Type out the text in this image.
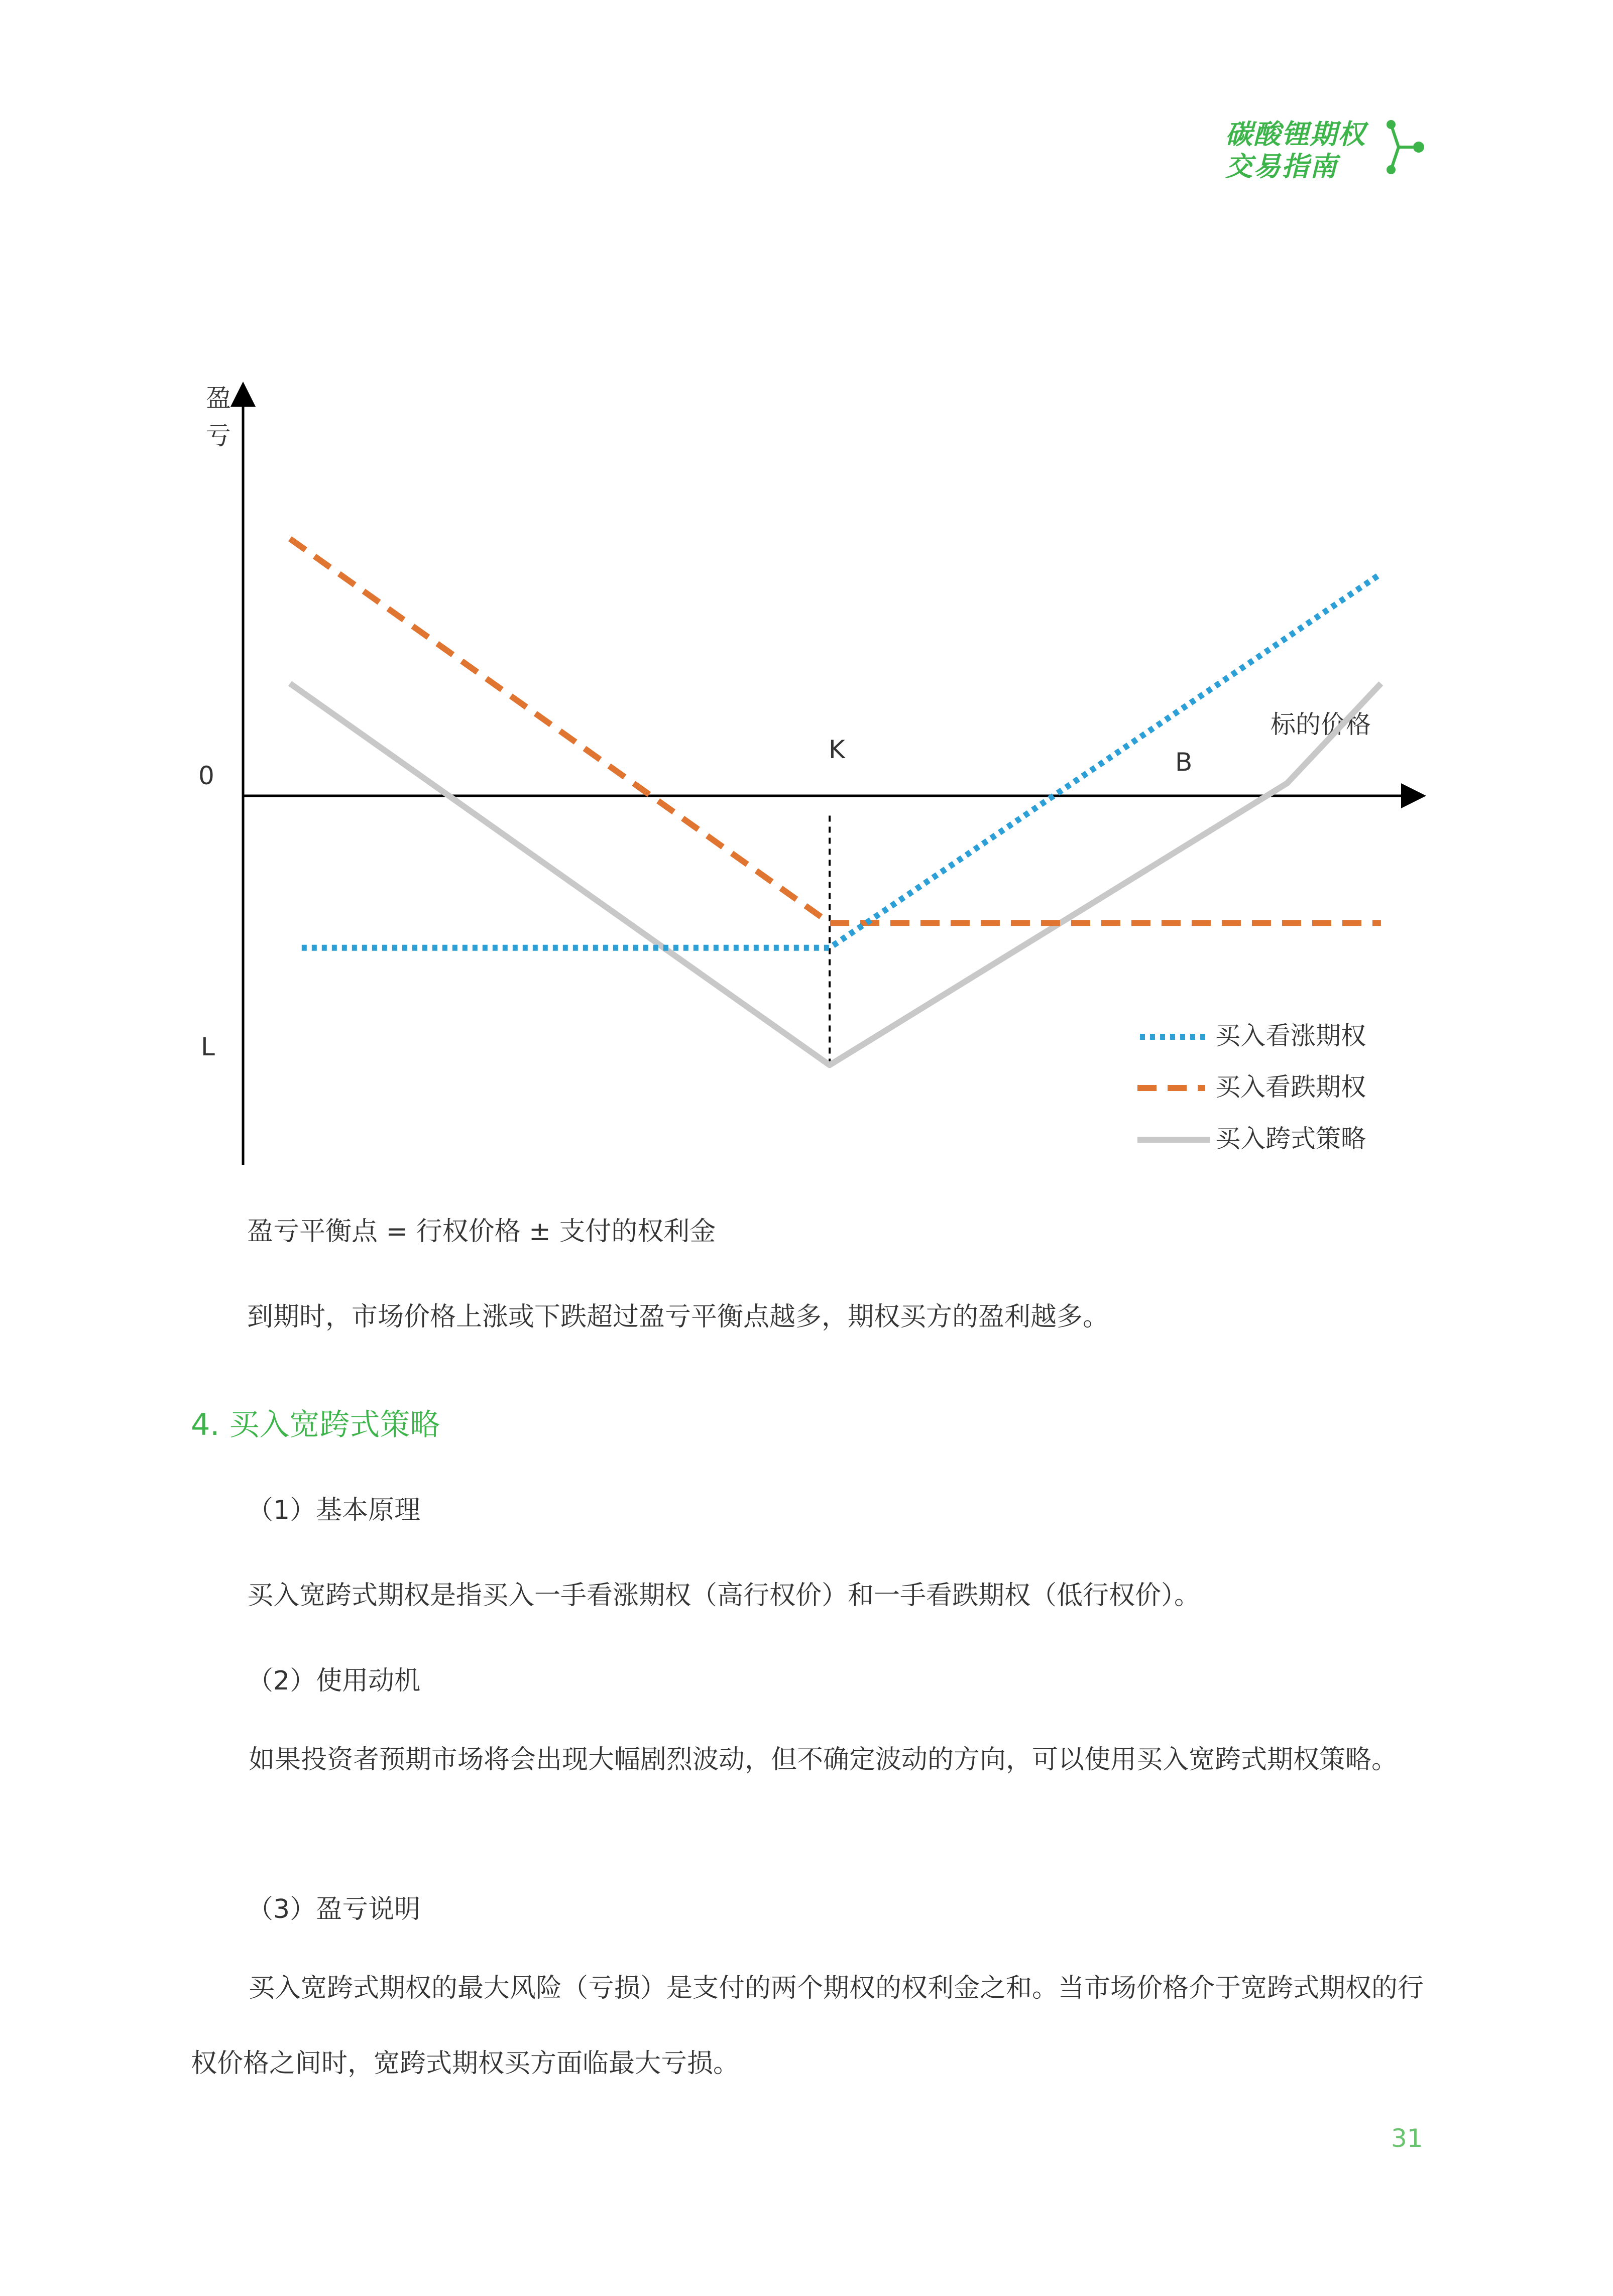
碳酸锂期权
交易指南
盈
亏
标的价格
0
L
K	B
买入看涨期权
买入看跌期权
买入跨式策略
盈亏平衡点 = 行权价格 ± 支付的权利金
到期时，市场价格上涨或下跌超过盈亏平衡点越多，期权买方的盈利越多。
4. 买入宽跨式策略
（1）基本原理
买入宽跨式期权是指买入一手看涨期权（高行权价）和一手看跌期权（低行权价）。
（2）使用动机
如果投资者预期市场将会出现大幅剧烈波动，但不确定波动的方向，可以使用买入宽跨式期权策略。
（3）盈亏说明
买入宽跨式期权的最大风险（亏损）是支付的两个期权的权利金之和。当市场价格介于宽跨式期权的行权价格之间时，宽跨式期权买方面临最大亏损。
31
